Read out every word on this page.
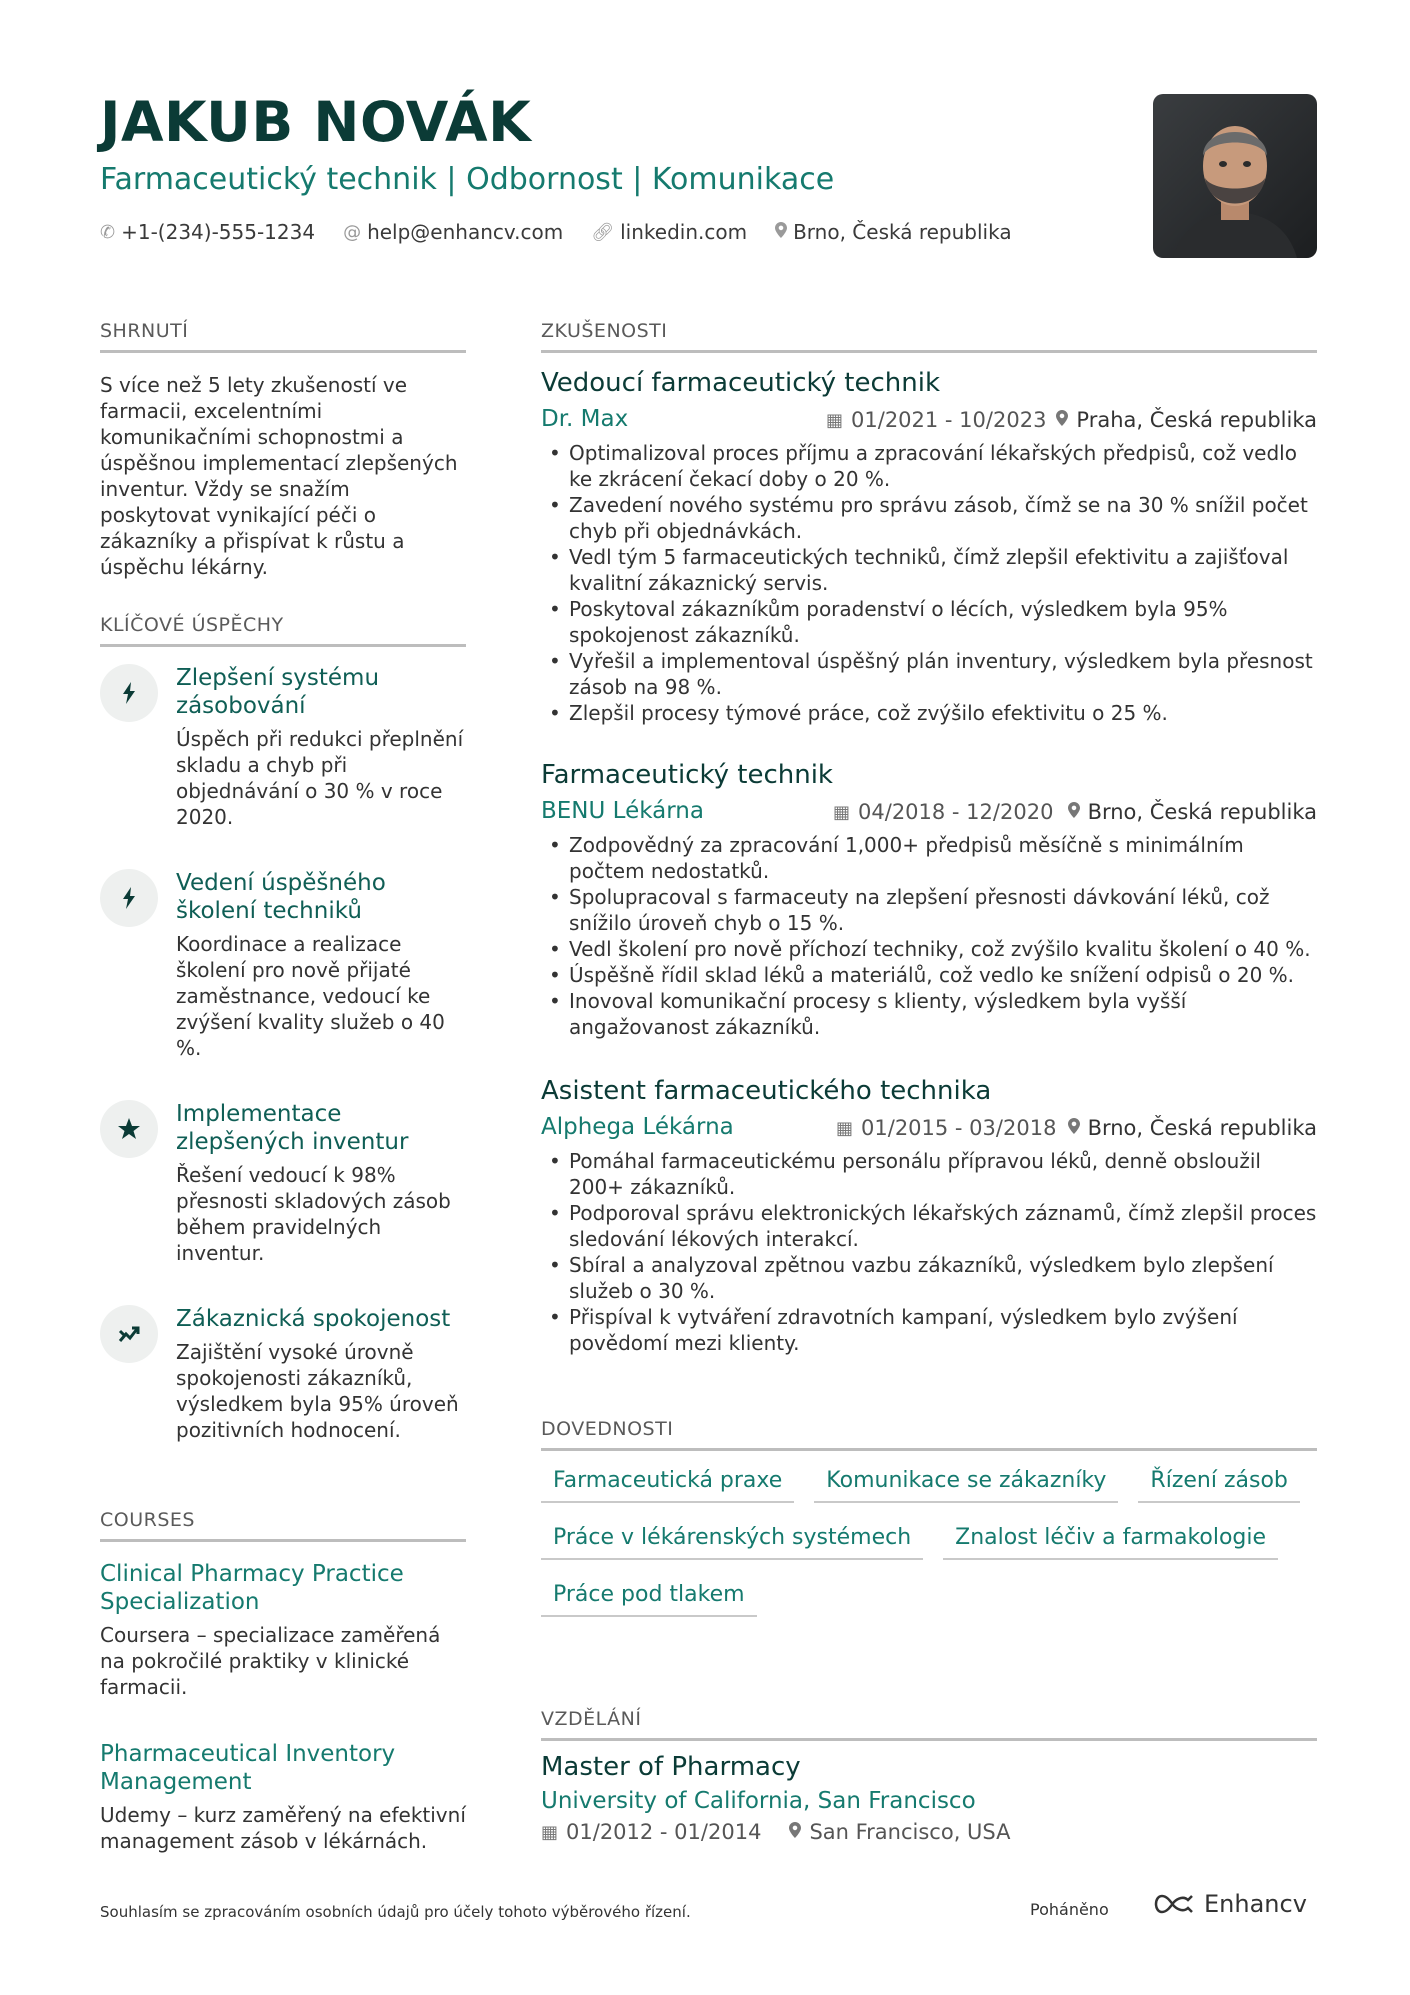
JAKUB NOVÁK
Farmaceutický technik | Odbornost | Komunikace
✆ +1-(234)-555-1234 @ help@enhancv.com 🔗︎ linkedin.com Brno, Česká republika
SHRNUTÍ
S více než 5 lety zkušeností ve farmacii, excelentními komunikačními schopnostmi a úspěšnou implementací zlepšených inventur. Vždy se snažím poskytovat vynikající péči o zákazníky a přispívat k růstu a úspěchu lékárny.
KLÍČOVÉ ÚSPĚCHY
Zlepšení systému zásobování
Úspěch při redukci přeplnění skladu a chyb při objednávání o 30 % v roce 2020.
Vedení úspěšného školení techniků
Koordinace a realizace školení pro nově přijaté zaměstnance, vedoucí ke zvýšení kvality služeb o 40 %.
Implementace zlepšených inventur
Řešení vedoucí k 98% přesnosti skladových zásob během pravidelných inventur.
Zákaznická spokojenost
Zajištění vysoké úrovně spokojenosti zákazníků, výsledkem byla 95% úroveň pozitivních hodnocení.
COURSES
Clinical Pharmacy Practice Specialization
Coursera – specializace zaměřená na pokročilé praktiky v klinické farmacii.
Pharmaceutical Inventory Management
Udemy – kurz zaměřený na efektivní management zásob v lékárnách.
ZKUŠENOSTI
Vedoucí farmaceutický technik
Dr. Max	▦ 01/2021 - 10/2023 Praha, Česká republika
• Optimalizoval proces příjmu a zpracování lékařských předpisů, což vedlo ke zkrácení čekací doby o 20 %.
• Zavedení nového systému pro správu zásob, čímž se na 30 % snížil počet chyb při objednávkách.
• Vedl tým 5 farmaceutických techniků, čímž zlepšil efektivitu a zajišťoval kvalitní zákaznický servis.
• Poskytoval zákazníkům poradenství o lécích, výsledkem byla 95% spokojenost zákazníků.
• Vyřešil a implementoval úspěšný plán inventury, výsledkem byla přesnost zásob na 98 %.
• Zlepšil procesy týmové práce, což zvýšilo efektivitu o 25 %.
Farmaceutický technik
BENU Lékárna	▦ 04/2018 - 12/2020 Brno, Česká republika
• Zodpovědný za zpracování 1,000+ předpisů měsíčně s minimálním počtem nedostatků.
• Spolupracoval s farmaceuty na zlepšení přesnosti dávkování léků, což snížilo úroveň chyb o 15 %.
• Vedl školení pro nově příchozí techniky, což zvýšilo kvalitu školení o 40 %.
• Úspěšně řídil sklad léků a materiálů, což vedlo ke snížení odpisů o 20 %.
• Inovoval komunikační procesy s klienty, výsledkem byla vyšší angažovanost zákazníků.
Asistent farmaceutického technika
Alphega Lékárna	▦ 01/2015 - 03/2018 Brno, Česká republika
• Pomáhal farmaceutickému personálu přípravou léků, denně obsloužil 200+ zákazníků.
• Podporoval správu elektronických lékařských záznamů, čímž zlepšil proces sledování lékových interakcí.
• Sbíral a analyzoval zpětnou vazbu zákazníků, výsledkem bylo zlepšení služeb o 30 %.
• Přispíval k vytváření zdravotních kampaní, výsledkem bylo zvýšení povědomí mezi klienty.
DOVEDNOSTI
Farmaceutická praxe	Komunikace se zákazníky	Řízení zásob
Práce v lékárenských systémech	Znalost léčiv a farmakologie
Práce pod tlakem
VZDĚLÁNÍ
Master of Pharmacy
University of California, San Francisco
▦ 01/2012 - 01/2014 San Francisco, USA
Souhlasím se zpracováním osobních údajů pro účely tohoto výběrového řízení.	Poháněno	Enhancv
